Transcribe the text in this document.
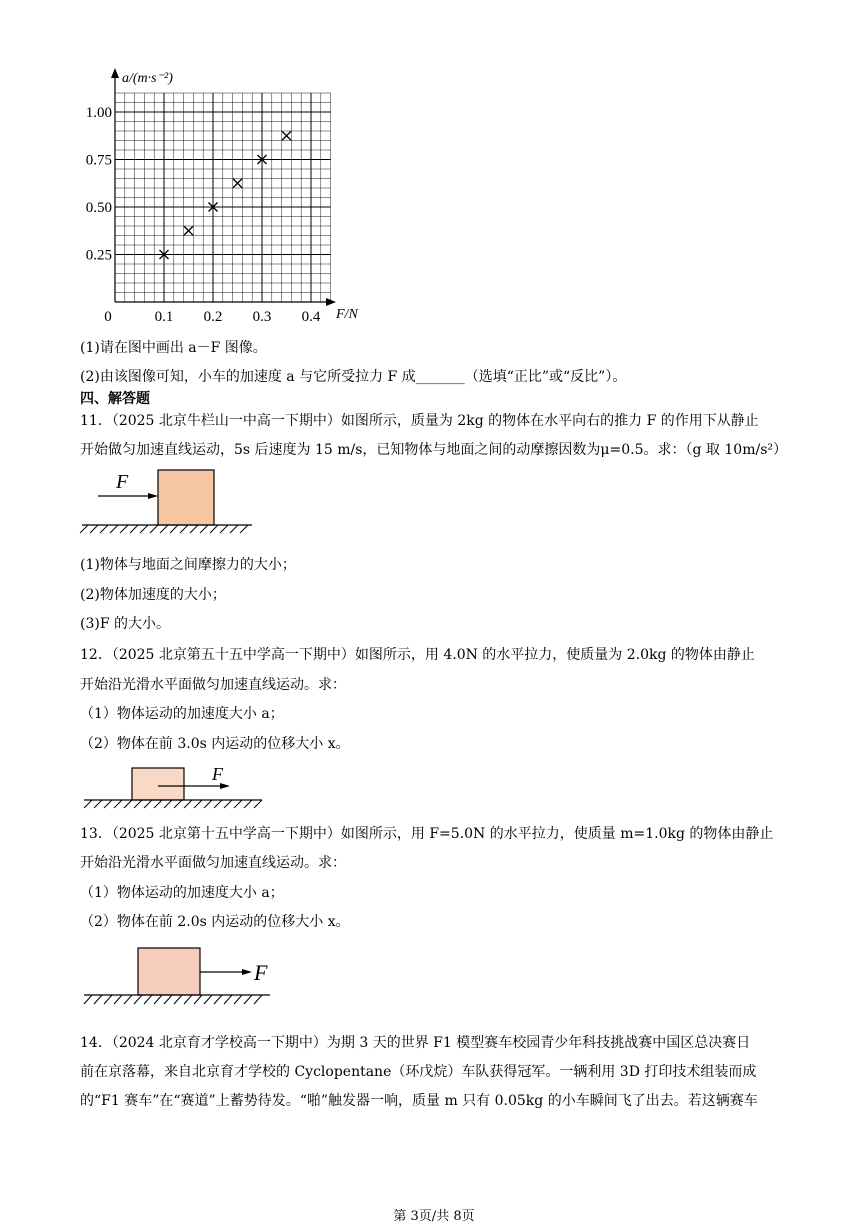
a/(m·s⁻²)
F/N
1.00
0.75
0.50
0.25
0	0.1 0.2 0.3 0.4
(1)请在图中画出 a－F 图像。
(2)由该图像可知，小车的加速度 a 与它所受拉力 F 成_______（选填“正比”或“反比”）。
四、解答题
11．（2025 北京牛栏山一中高一下期中）如图所示，质量为 2kg 的物体在水平向右的推力 F 的作用下从静止
开始做匀加速直线运动，5s 后速度为 15 m/s，已知物体与地面之间的动摩擦因数为μ=0.5。求：（g 取 10m/s²）
F
(1)物体与地面之间摩擦力的大小；
(2)物体加速度的大小；
(3)F 的大小。
12．（2025 北京第五十五中学高一下期中）如图所示，用 4.0N 的水平拉力，使质量为 2.0kg 的物体由静止
开始沿光滑水平面做匀加速直线运动。求：
（1）物体运动的加速度大小 a；
（2）物体在前 3.0s 内运动的位移大小 x。
F
13．（2025 北京第十五中学高一下期中）如图所示，用 F=5.0N 的水平拉力，使质量 m=1.0kg 的物体由静止
开始沿光滑水平面做匀加速直线运动。求：
（1）物体运动的加速度大小 a；
（2）物体在前 2.0s 内运动的位移大小 x。
F
14．（2024 北京育才学校高一下期中）为期 3 天的世界 F1 模型赛车校园青少年科技挑战赛中国区总决赛日
前在京落幕，来自北京育才学校的 Cyclopentane（环戊烷）车队获得冠军。一辆利用 3D 打印技术组装而成
的“F1 赛车”在“赛道”上蓄势待发。“啪”触发器一响，质量 m 只有 0.05kg 的小车瞬间飞了出去。若这辆赛车
第 3页/共 8页
